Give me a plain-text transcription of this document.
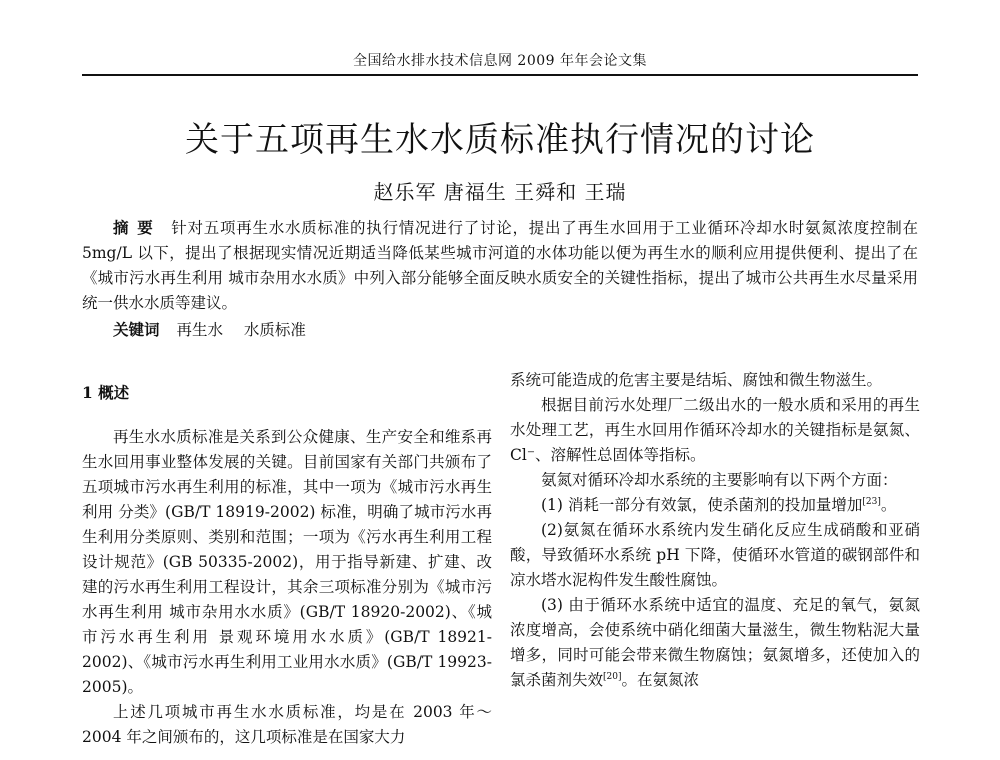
全国给水排水技术信息网 2009 年年会论文集
关于五项再生水水质标准执行情况的讨论
赵乐军 唐福生 王舜和 王瑞
摘要 针对五项再生水水质标准的执行情况进行了讨论，提出了再生水回用于工业循环冷却水时氨氮浓度控制在 5mg/L 以下，提出了根据现实情况近期适当降低某些城市河道的水体功能以便为再生水的顺利应用提供便利、提出了在《城市污水再生利用 城市杂用水水质》中列入部分能够全面反映水质安全的关键性指标，提出了城市公共再生水尽量采用统一供水水质等建议。
关键词 再生水 水质标准

1 概述

再生水水质标准是关系到公众健康、生产安全和维系再生水回用事业整体发展的关键。目前国家有关部门共颁布了五项城市污水再生利用的标准，其中一项为《城市污水再生利用 分类》(GB/T 18919-2002) 标准，明确了城市污水再生利用分类原则、类别和范围；一项为《污水再生利用工程设计规范》(GB 50335-2002)，用于指导新建、扩建、改建的污水再生利用工程设计，其余三项标准分别为《城市污水再生利用 城市杂用水水质》(GB/T 18920-2002)、《城市污水再生利用 景观环境用水水质》(GB/T 18921-2002)、《城市污水再生利用工业用水水质》(GB/T 19923-2005)。

上述几项城市再生水水质标准，均是在 2003 年～2004 年之间颁布的，这几项标准是在国家大力

系统可能造成的危害主要是结垢、腐蚀和微生物滋生。

根据目前污水处理厂二级出水的一般水质和采用的再生水处理工艺，再生水回用作循环冷却水的关键指标是氨氮、Cl⁻、溶解性总固体等指标。

氨氮对循环冷却水系统的主要影响有以下两个方面：

(1) 消耗一部分有效氯，使杀菌剂的投加量增加[23]。

(2)氨氮在循环水系统内发生硝化反应生成硝酸和亚硝酸，导致循环水系统 pH 下降，使循环水管道的碳钢部件和凉水塔水泥构件发生酸性腐蚀。

(3) 由于循环水系统中适宜的温度、充足的氧气，氨氮浓度增高，会使系统中硝化细菌大量滋生，微生物粘泥大量增多，同时可能会带来微生物腐蚀；氨氮增多，还使加入的氯杀菌剂失效[20]。在氨氮浓
